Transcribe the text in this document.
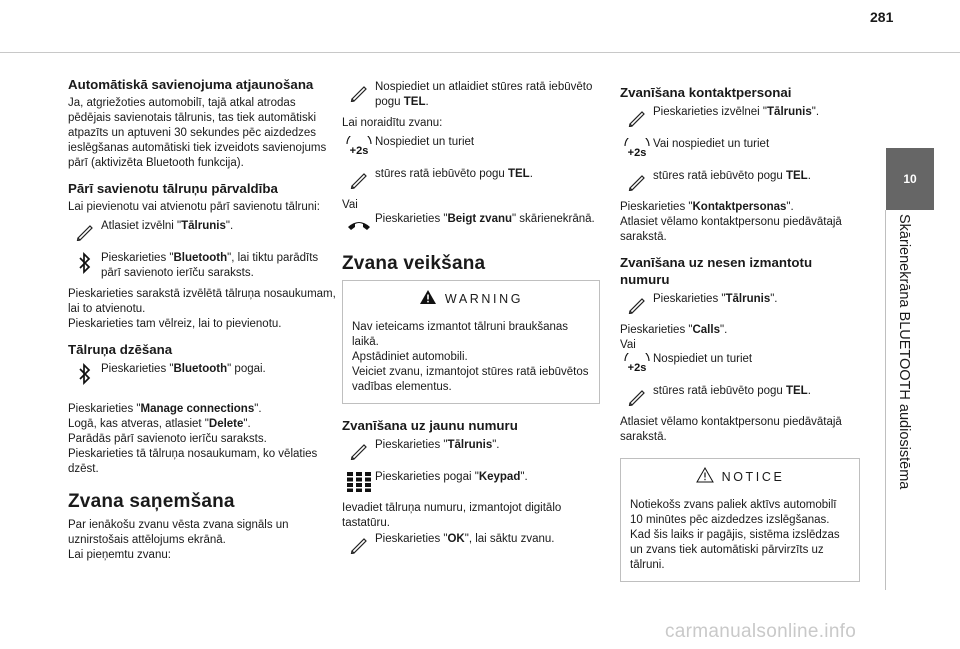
281
10
Skārienekrāna BLUETOOTH audiosistēma
Automātiskā savienojuma atjaunošana

Ja, atgriežoties automobilī, tajā atkal atrodas pēdējais savienotais tālrunis, tas tiek automātiski atpazīts un aptuveni 30 sekundes pēc aizdedzes ieslēgšanas automātiski tiek izveidots savienojums pārī (aktivizēta Bluetooth funkcija).

Pārī savienotu tālruņu pārvaldība

Lai pievienotu vai atvienotu pārī savienotu tālruni:

Atlasiet izvēlni "Tālrunis".
Pieskarieties "Bluetooth", lai tiktu parādīts pārī savienoto ierīču saraksts.

Pieskarieties sarakstā izvēlētā tālruņa nosaukumam, lai to atvienotu.

Pieskarieties tam vēlreiz, lai to pievienotu.

Tālruņa dzēšana
Pieskarieties "Bluetooth" pogai.

Pieskarieties "Manage connections".

Logā, kas atveras, atlasiet "Delete".

Parādās pārī savienoto ierīču saraksts.

Pieskarieties tā tālruņa nosaukumam, ko vēlaties dzēst.

Zvana saņemšana

Par ienākošu zvanu vēsta zvana signāls un uznirstošais attēlojums ekrānā.

Lai pieņemtu zvanu:

Nospiediet un atlaidiet stūres ratā iebūvēto pogu TEL.

Lai noraidītu zvanu:

+2s
Nospiediet un turiet
stūres ratā iebūvēto pogu TEL.

Vai

Pieskarieties "Beigt zvanu" skārienekrānā.
Zvana veikšana
WARNING

Nav ieteicams izmantot tālruni braukšanas laikā.

Apstādiniet automobili.

Veiciet zvanu, izmantojot stūres ratā iebūvētos vadības elementus.

Zvanīšana uz jaunu numuru
Pieskarieties "Tālrunis".
Pieskarieties pogai "Keypad".

Ievadiet tālruņa numuru, izmantojot digitālo tastatūru.

Pieskarieties "OK", lai sāktu zvanu.
Zvanīšana kontaktpersonai
Pieskarieties izvēlnei "Tālrunis".
+2s
Vai nospiediet un turiet
stūres ratā iebūvēto pogu TEL.

Pieskarieties "Kontaktpersonas".

Atlasiet vēlamo kontaktpersonu piedāvātajā sarakstā.

Zvanīšana uz nesen izmantotu numuru
Pieskarieties "Tālrunis".

Pieskarieties "Calls".

Vai

+2s
Nospiediet un turiet
stūres ratā iebūvēto pogu TEL.

Atlasiet vēlamo kontaktpersonu piedāvātajā sarakstā.

NOTICE

Notiekošs zvans paliek aktīvs automobilī 10 minūtes pēc aizdedzes izslēgšanas. Kad šis laiks ir pagājis, sistēma izslēdzas un zvans tiek automātiski pārvirzīts uz tālruni.

carmanualsonline.info
